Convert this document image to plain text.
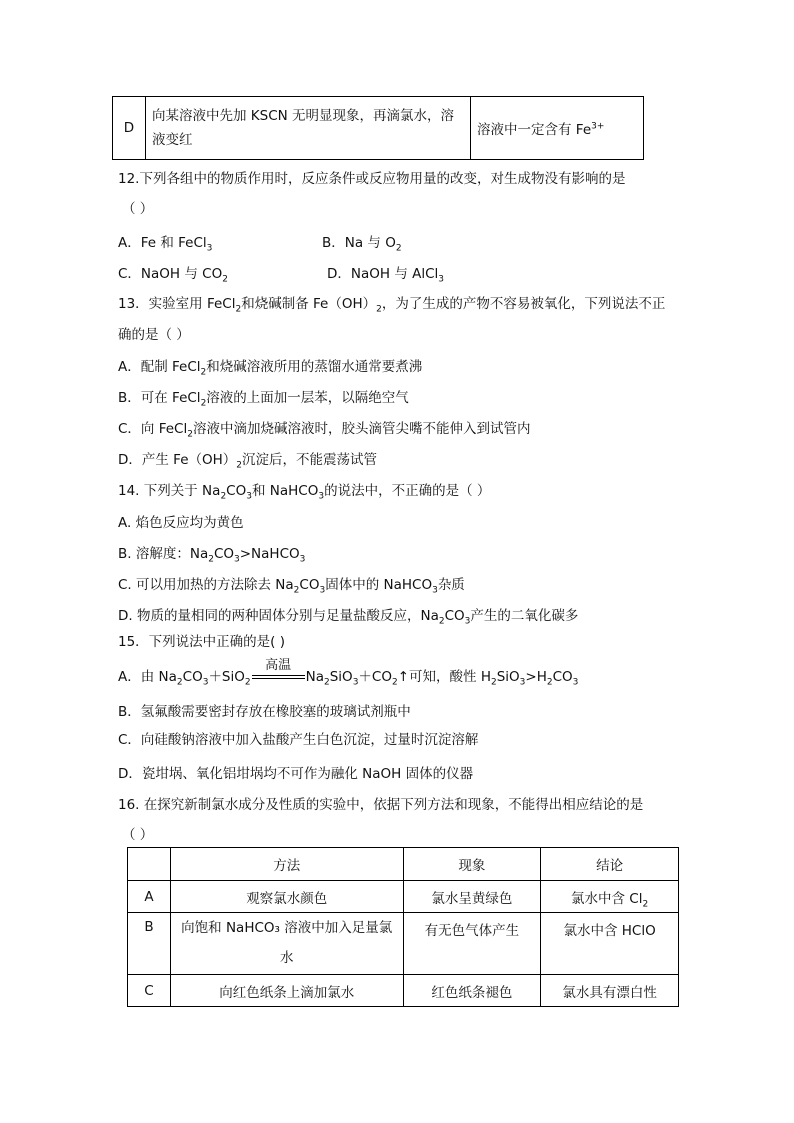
D	向某溶液中先加 KSCN 无明显现象，再滴氯水，溶
液变红	溶液中一定含有 $Fe^{3+}$
12.下列各组中的物质作用时，反应条件或反应物用量的改变，对生成物没有影响的是
（ ）
A．Fe 和 FeCl$_3$	B．Na 与 $O_2$
C．NaOH 与 $CO_2$	D．NaOH 与 AlCl$_3$
13．实验室用 FeCl$_2$和烧碱制备 $Fe(OH)_2$，为了生成的产物不容易被氧化，下列说法不正
确的是（ ）
A．配制 FeCl$_2$和烧碱溶液所用的蒸馏水通常要煮沸
B．可在 FeCl$_2$溶液的上面加一层苯，以隔绝空气
C．向 FeCl$_2$溶液中滴加烧碱溶液时，胶头滴管尖嘴不能伸入到试管内
D．产生 $Fe(OH)_2$沉淀后，不能震荡试管
14. 下列关于 $Na_2CO_3$和 NaHCO$_3$的说法中，不正确的是（ ）
A. 焰色反应均为黄色
B. 溶解度：$Na_2CO_3>NaHCO_3$
C. 可以用加热的方法除去 $Na_2CO_3$固体中的 NaHCO$_3$杂质
D. 物质的量相同的两种固体分别与足量盐酸反应，$Na_2CO_3$产生的二氧化碳多
15．下列说法中正确的是( )
A．由 $Na_2CO_3+SiO_2$
高温
$Na_2SiO_3+CO_2↑$可知，酸性 $H_2SiO_3>H_2CO_3$
B．氢氟酸需要密封存放在橡胶塞的玻璃试剂瓶中
C．向硅酸钠溶液中加入盐酸产生白色沉淀，过量时沉淀溶解
D．瓷坩埚、氧化铝坩埚均不可作为融化 NaOH 固体的仪器
16. 在探究新制氯水成分及性质的实验中，依据下列方法和现象，不能得出相应结论的是
（ ）
	方法	现象	结论
A	观察氯水颜色	氯水呈黄绿色	氯水中含 $Cl_2$
B	向饱和 NaHCO₃ 溶液中加入足量氯水	有无色气体产生	氯水中含 HClO
C	向红色纸条上滴加氯水	红色纸条褪色	氯水具有漂白性
